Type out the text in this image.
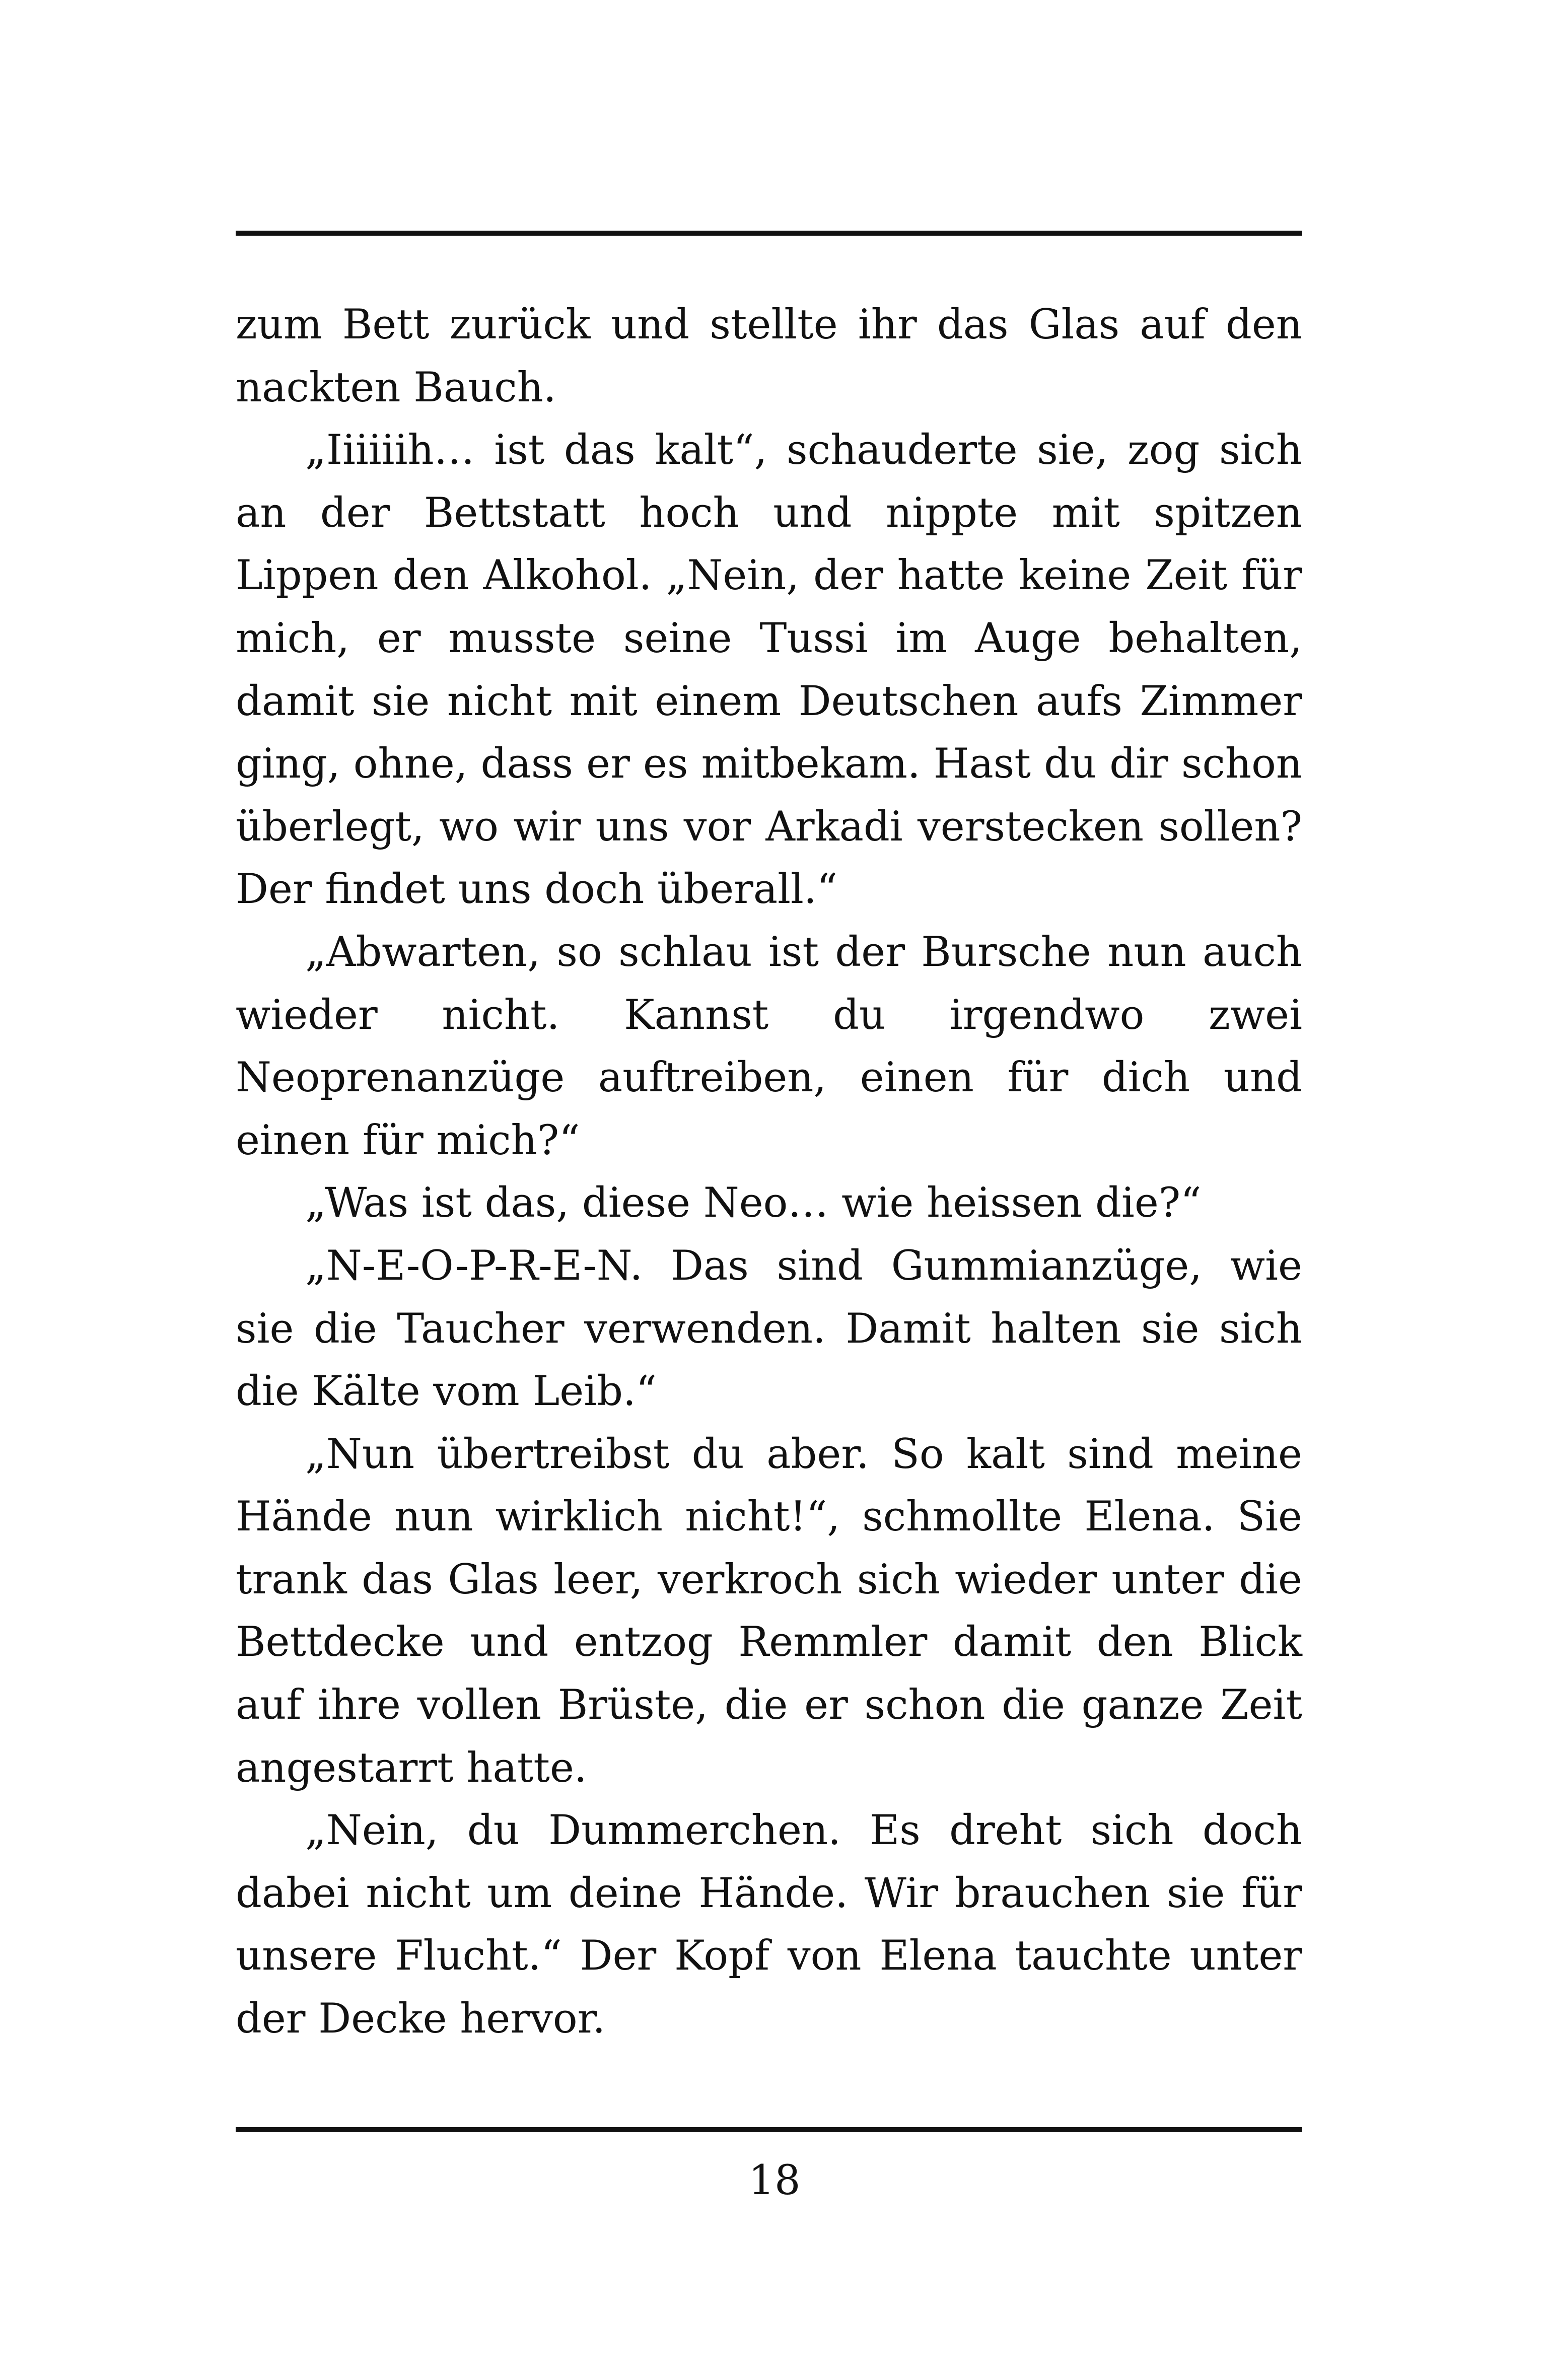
zum Bett zurück und stellte ihr das Glas auf den nackten Bauch.

„Iiiiiih… ist das kalt“, schauderte sie, zog sich an der Bettstatt hoch und nippte mit spitzen Lippen den Alkohol. „Nein, der hatte keine Zeit für mich, er musste seine Tussi im Auge behalten, damit sie nicht mit einem Deutschen aufs Zimmer ging, ohne, dass er es mitbekam. Hast du dir schon überlegt, wo wir uns vor Arkadi verstecken sollen? Der findet uns doch überall.“

„Abwarten, so schlau ist der Bursche nun auch wieder nicht. Kannst du irgendwo zwei Neoprenanzüge auftreiben, einen für dich und einen für mich?“

„Was ist das, diese Neo… wie heissen die?“

„N-E-O-P-R-E-N. Das sind Gummianzüge, wie sie die Taucher verwenden. Damit halten sie sich die Kälte vom Leib.“

„Nun übertreibst du aber. So kalt sind meine Hände nun wirklich nicht!“, schmollte Elena. Sie trank das Glas leer, verkroch sich wieder unter die Bettdecke und entzog Remmler damit den Blick auf ihre vollen Brüste, die er schon die ganze Zeit angestarrt hatte.

„Nein, du Dummerchen. Es dreht sich doch dabei nicht um deine Hände. Wir brauchen sie für unsere Flucht.“ Der Kopf von Elena tauchte unter der Decke hervor.

18
